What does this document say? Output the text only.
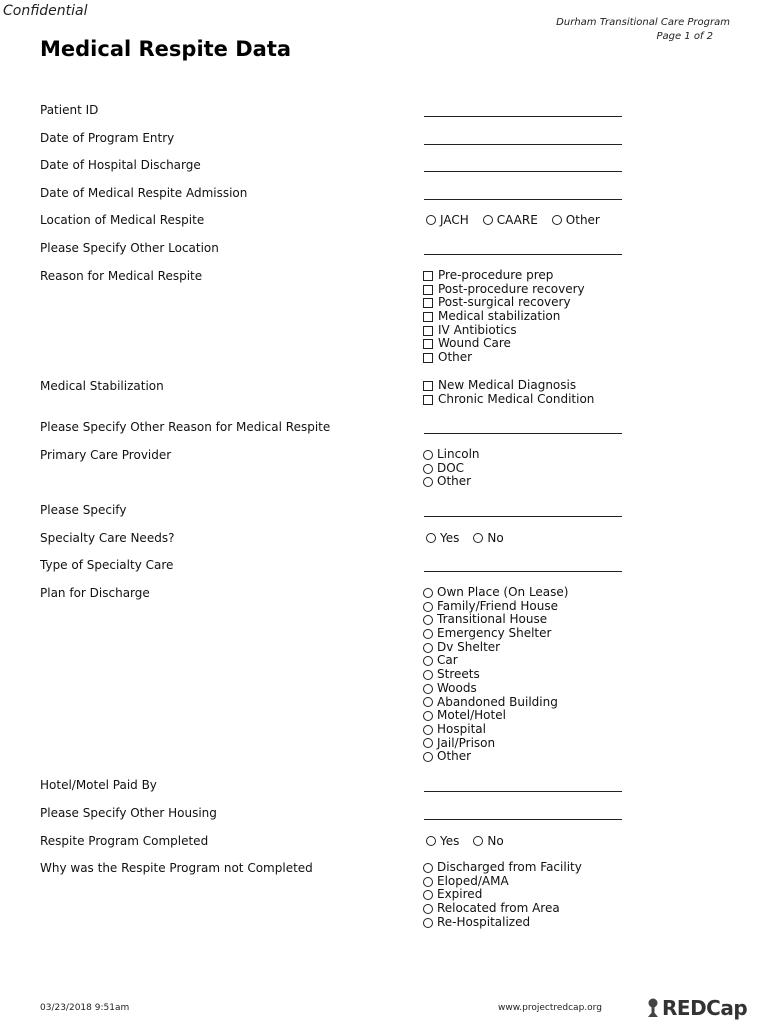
Confidential
Durham Transitional Care Program
Page 1 of 2
Medical Respite Data
Patient ID
Date of Program Entry
Date of Hospital Discharge
Date of Medical Respite Admission
Location of Medical Respite
Please Specify Other Location
Reason for Medical Respite
Medical Stabilization
Please Specify Other Reason for Medical Respite
Primary Care Provider
Please Specify
Specialty Care Needs?
Type of Specialty Care
Plan for Discharge
Hotel/Motel Paid By
Please Specify Other Housing
Respite Program Completed
Why was the Respite Program not Completed
JACH CAARE Other
Pre-procedure prep
Post-procedure recovery
Post-surgical recovery
Medical stabilization
IV Antibiotics
Wound Care
Other
New Medical Diagnosis
Chronic Medical Condition
Lincoln
DOC
Other
Yes No
Own Place (On Lease)
Family/Friend House
Transitional House
Emergency Shelter
Dv Shelter
Car
Streets
Woods
Abandoned Building
Motel/Hotel
Hospital
Jail/Prison
Other
Yes No
Discharged from Facility
Eloped/AMA
Expired
Relocated from Area
Re-Hospitalized
03/23/2018 9:51am	www.projectredcap.org	REDCap
